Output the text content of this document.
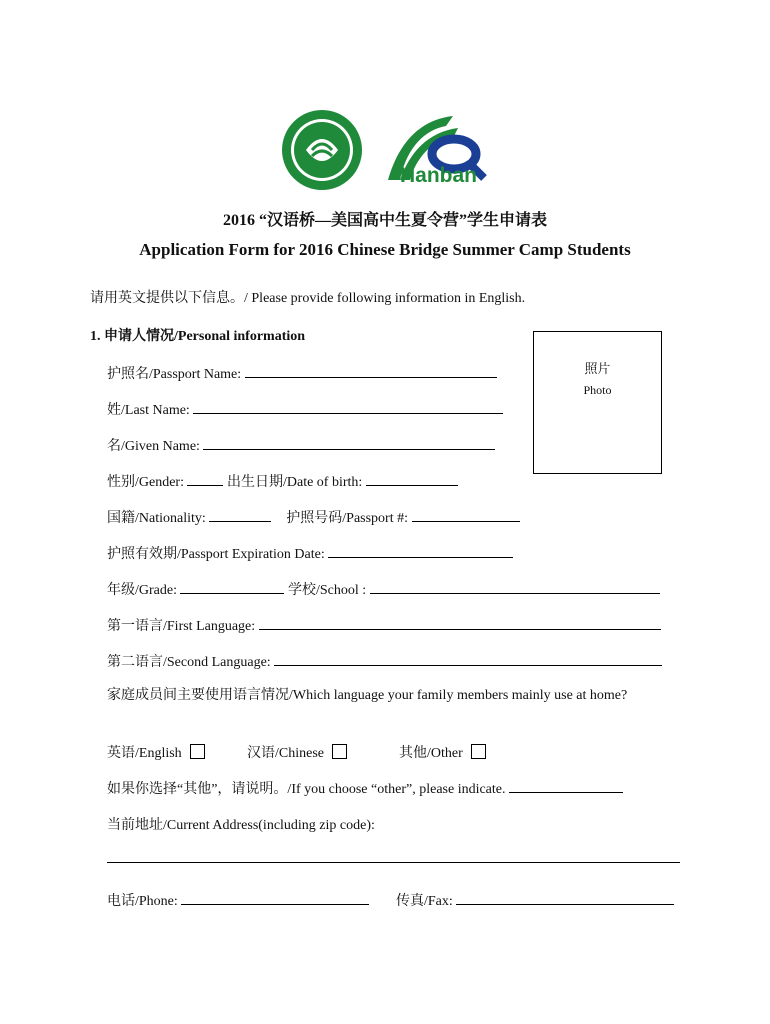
Hanban
2016 “汉语桥—美国高中生夏令营”学生申请表
Application Form for 2016 Chinese Bridge Summer Camp Students
请用英文提供以下信息。/ Please provide following information in English.
1. 申请人情况/Personal information
照片
Photo
护照名/Passport Name:
姓/Last Name:
名/Given Name:
性别/Gender:	出生日期/Date of birth:
国籍/Nationality:	护照号码/Passport #:
护照有效期/Passport Expiration Date:
年级/Grade:	学校/School :
第一语言/First Language:
第二语言/Second Language:
家庭成员间主要使用语言情况/Which language your family members mainly use at home?
英语/English	汉语/Chinese	其他/Other
如果你选择“其他”，请说明。/If you choose “other”, please indicate.
当前地址/Current Address(including zip code):
电话/Phone:	传真/Fax:
